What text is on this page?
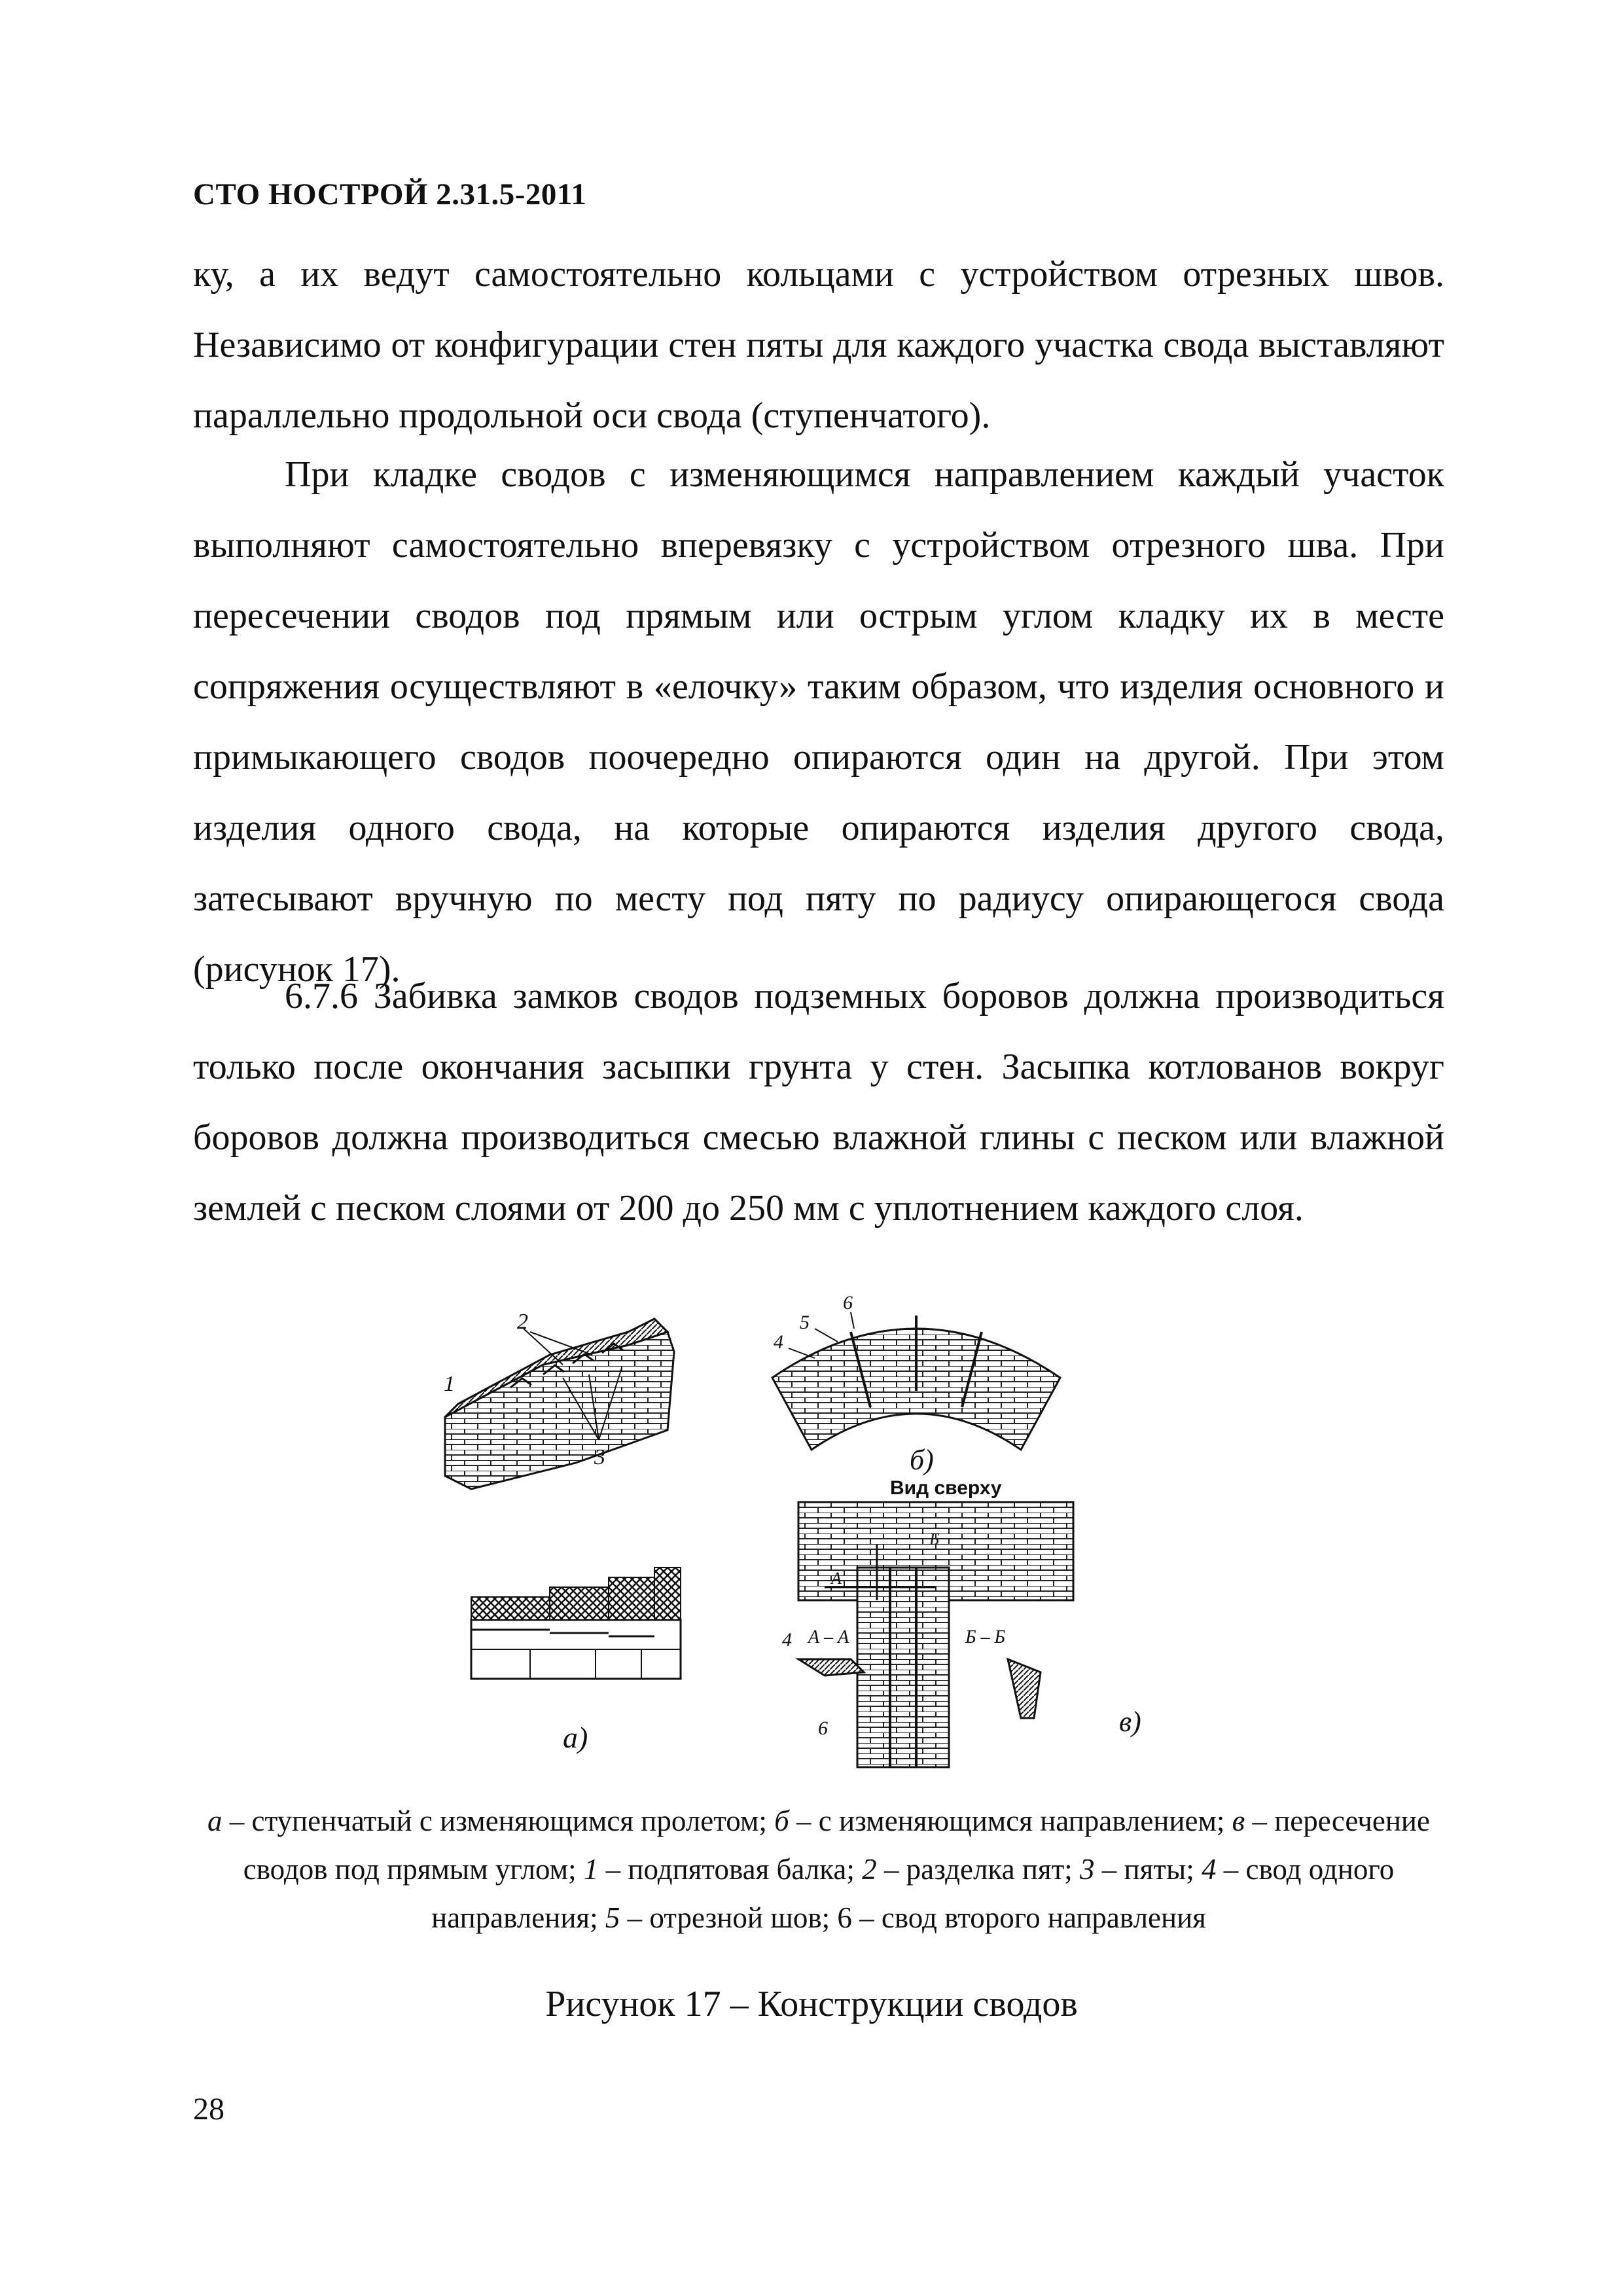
СТО НОСТРОЙ 2.31.5-2011
ку, а их ведут самостоятельно кольцами с устройством отрезных швов. Независимо от конфигурации стен пяты для каждого участка свода выставляют параллельно продольной оси свода (ступенчатого).
При кладке сводов с изменяющимся направлением каждый участок выполняют самостоятельно вперевязку с устройством отрезного шва. При пересечении сводов под прямым или острым углом кладку их в месте сопряжения осуществляют в «елочку» таким образом, что изделия основного и примыкающего сводов поочередно опираются один на другой. При этом изделия одного свода, на которые опираются изделия другого свода, затесывают вручную по месту под пяту по радиусу опирающегося свода (рисунок 17).
6.7.6 Забивка замков сводов подземных боровов должна производиться только после окончания засыпки грунта у стен. Засыпка котлованов вокруг боровов должна производиться смесью влажной глины с песком или влажной землей с песком слоями от 200 до 250 мм с уплотнением каждого слоя.
1
2
3
а)
4
5
6
б)
Вид сверху
А – А	Б – Б
А
Б
4
6	в)
а – ступенчатый с изменяющимся пролетом; б – с изменяющимся направлением; в – пересечение сводов под прямым углом; 1 – подпятовая балка; 2 – разделка пят; 3 – пяты; 4 – свод одного направления; 5 – отрезной шов; 6 – свод второго направления
Рисунок 17 – Конструкции сводов
28
